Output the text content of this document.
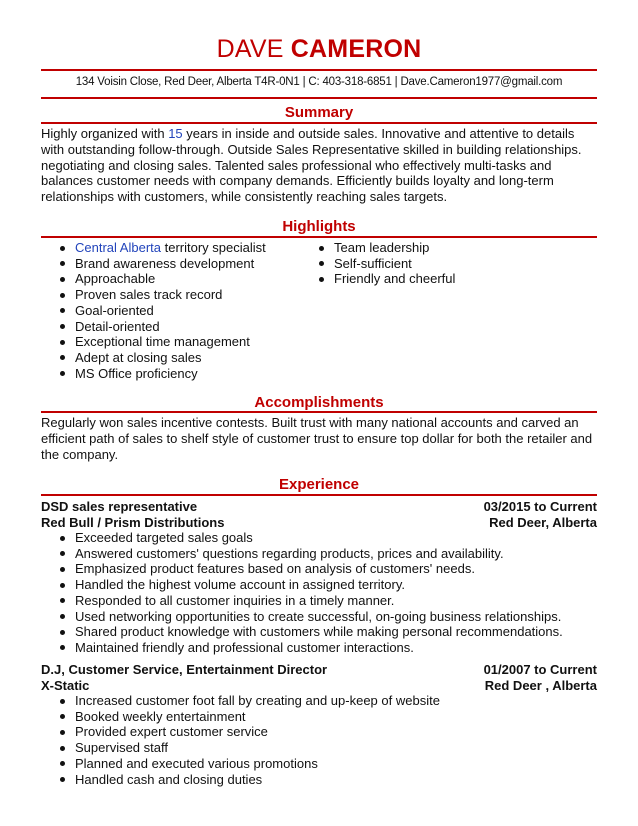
DAVE CAMERON
134 Voisin Close, Red Deer, Alberta T4R-0N1 | C: 403-318-6851 | Dave.Cameron1977@gmail.com
Summary
Highly organized with 15 years in inside and outside sales. Innovative and attentive to details with outstanding follow-through. Outside Sales Representative skilled in building relationships. negotiating and closing sales. Talented sales professional who effectively multi-tasks and balances customer needs with company demands. Efficiently builds loyalty and long-term relationships with customers, while consistently reaching sales targets.
Highlights
Central Alberta territory specialist
Brand awareness development
Approachable
Proven sales track record
Goal-oriented
Detail-oriented
Exceptional time management
Adept at closing sales
MS Office proficiency
Team leadership
Self-sufficient
Friendly and cheerful
Accomplishments
Regularly won sales incentive contests. Built trust with many national accounts and carved an efficient path of sales to shelf style of customer trust to ensure top dollar for both the retailer and the company.
Experience
DSD sales representative	03/2015 to Current
Red Bull / Prism Distributions	Red Deer, Alberta
Exceeded targeted sales goals
Answered customers' questions regarding products, prices and availability.
Emphasized product features based on analysis of customers' needs.
Handled the highest volume account in assigned territory.
Responded to all customer inquiries in a timely manner.
Used networking opportunities to create successful, on-going business relationships.
Shared product knowledge with customers while making personal recommendations.
Maintained friendly and professional customer interactions.
D.J, Customer Service, Entertainment Director	01/2007 to Current
X-Static	Red Deer , Alberta
Increased customer foot fall by creating and up-keep of website
Booked weekly entertainment
Provided expert customer service
Supervised staff
Planned and executed various promotions
Handled cash and closing duties
